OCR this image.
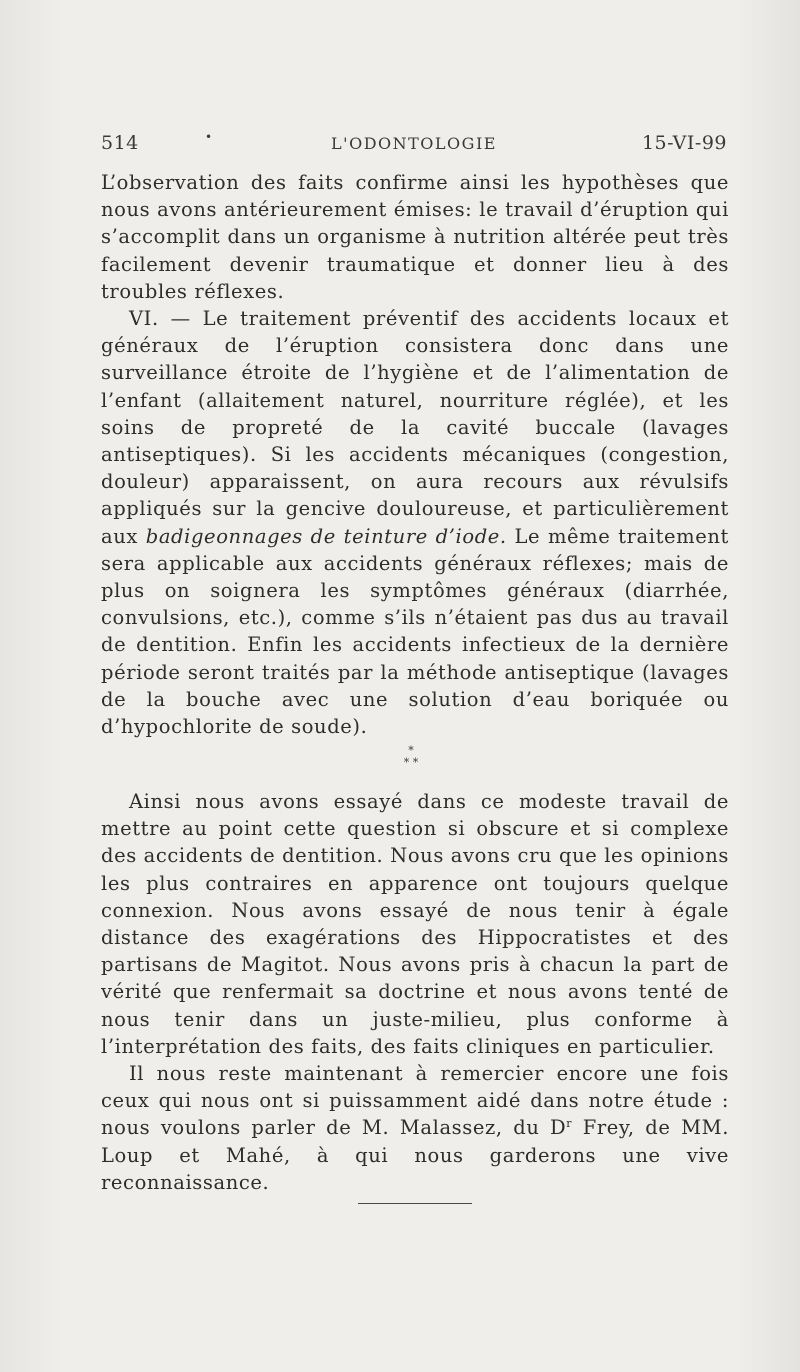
514	•	L'ODONTOLOGIE	15-VI-99

L’observation des faits confirme ainsi les hypothèses que nous avons antérieurement émises: le travail d’éruption qui s’accomplit dans un organisme à nutrition altérée peut très facilement devenir traumatique et donner lieu à des troubles réflexes.

VI. — Le traitement préventif des accidents locaux et généraux de l’éruption consistera donc dans une surveillance étroite de l’hygiène et de l’alimentation de l’enfant (allaitement naturel, nourriture réglée), et les soins de propreté de la cavité buccale (lavages antiseptiques). Si les accidents mécaniques (congestion, douleur) apparaissent, on aura recours aux révulsifs appliqués sur la gencive douloureuse, et particulièrement aux badigeonnages de teinture d’iode. Le même traitement sera applicable aux accidents généraux réflexes; mais de plus on soignera les symptômes généraux (diarrhée, convulsions, etc.), comme s’ils n’étaient pas dus au travail de dentition. Enfin les accidents infectieux de la dernière période seront traités par la méthode antiseptique (lavages de la bouche avec une solution d’eau boriquée ou d’hypochlorite de soude).

*
* *

Ainsi nous avons essayé dans ce modeste travail de mettre au point cette question si obscure et si complexe des accidents de dentition. Nous avons cru que les opinions les plus contraires en apparence ont toujours quelque connexion. Nous avons essayé de nous tenir à égale distance des exagérations des Hippocratistes et des partisans de Magitot. Nous avons pris à chacun la part de vérité que renfermait sa doctrine et nous avons tenté de nous tenir dans un juste-milieu, plus conforme à l’interprétation des faits, des faits cliniques en particulier.

Il nous reste maintenant à remercier encore une fois ceux qui nous ont si puissamment aidé dans notre étude : nous voulons parler de M. Malassez, du $D^r$ Frey, de MM. Loup et Mahé, à qui nous garderons une vive reconnaissance.
